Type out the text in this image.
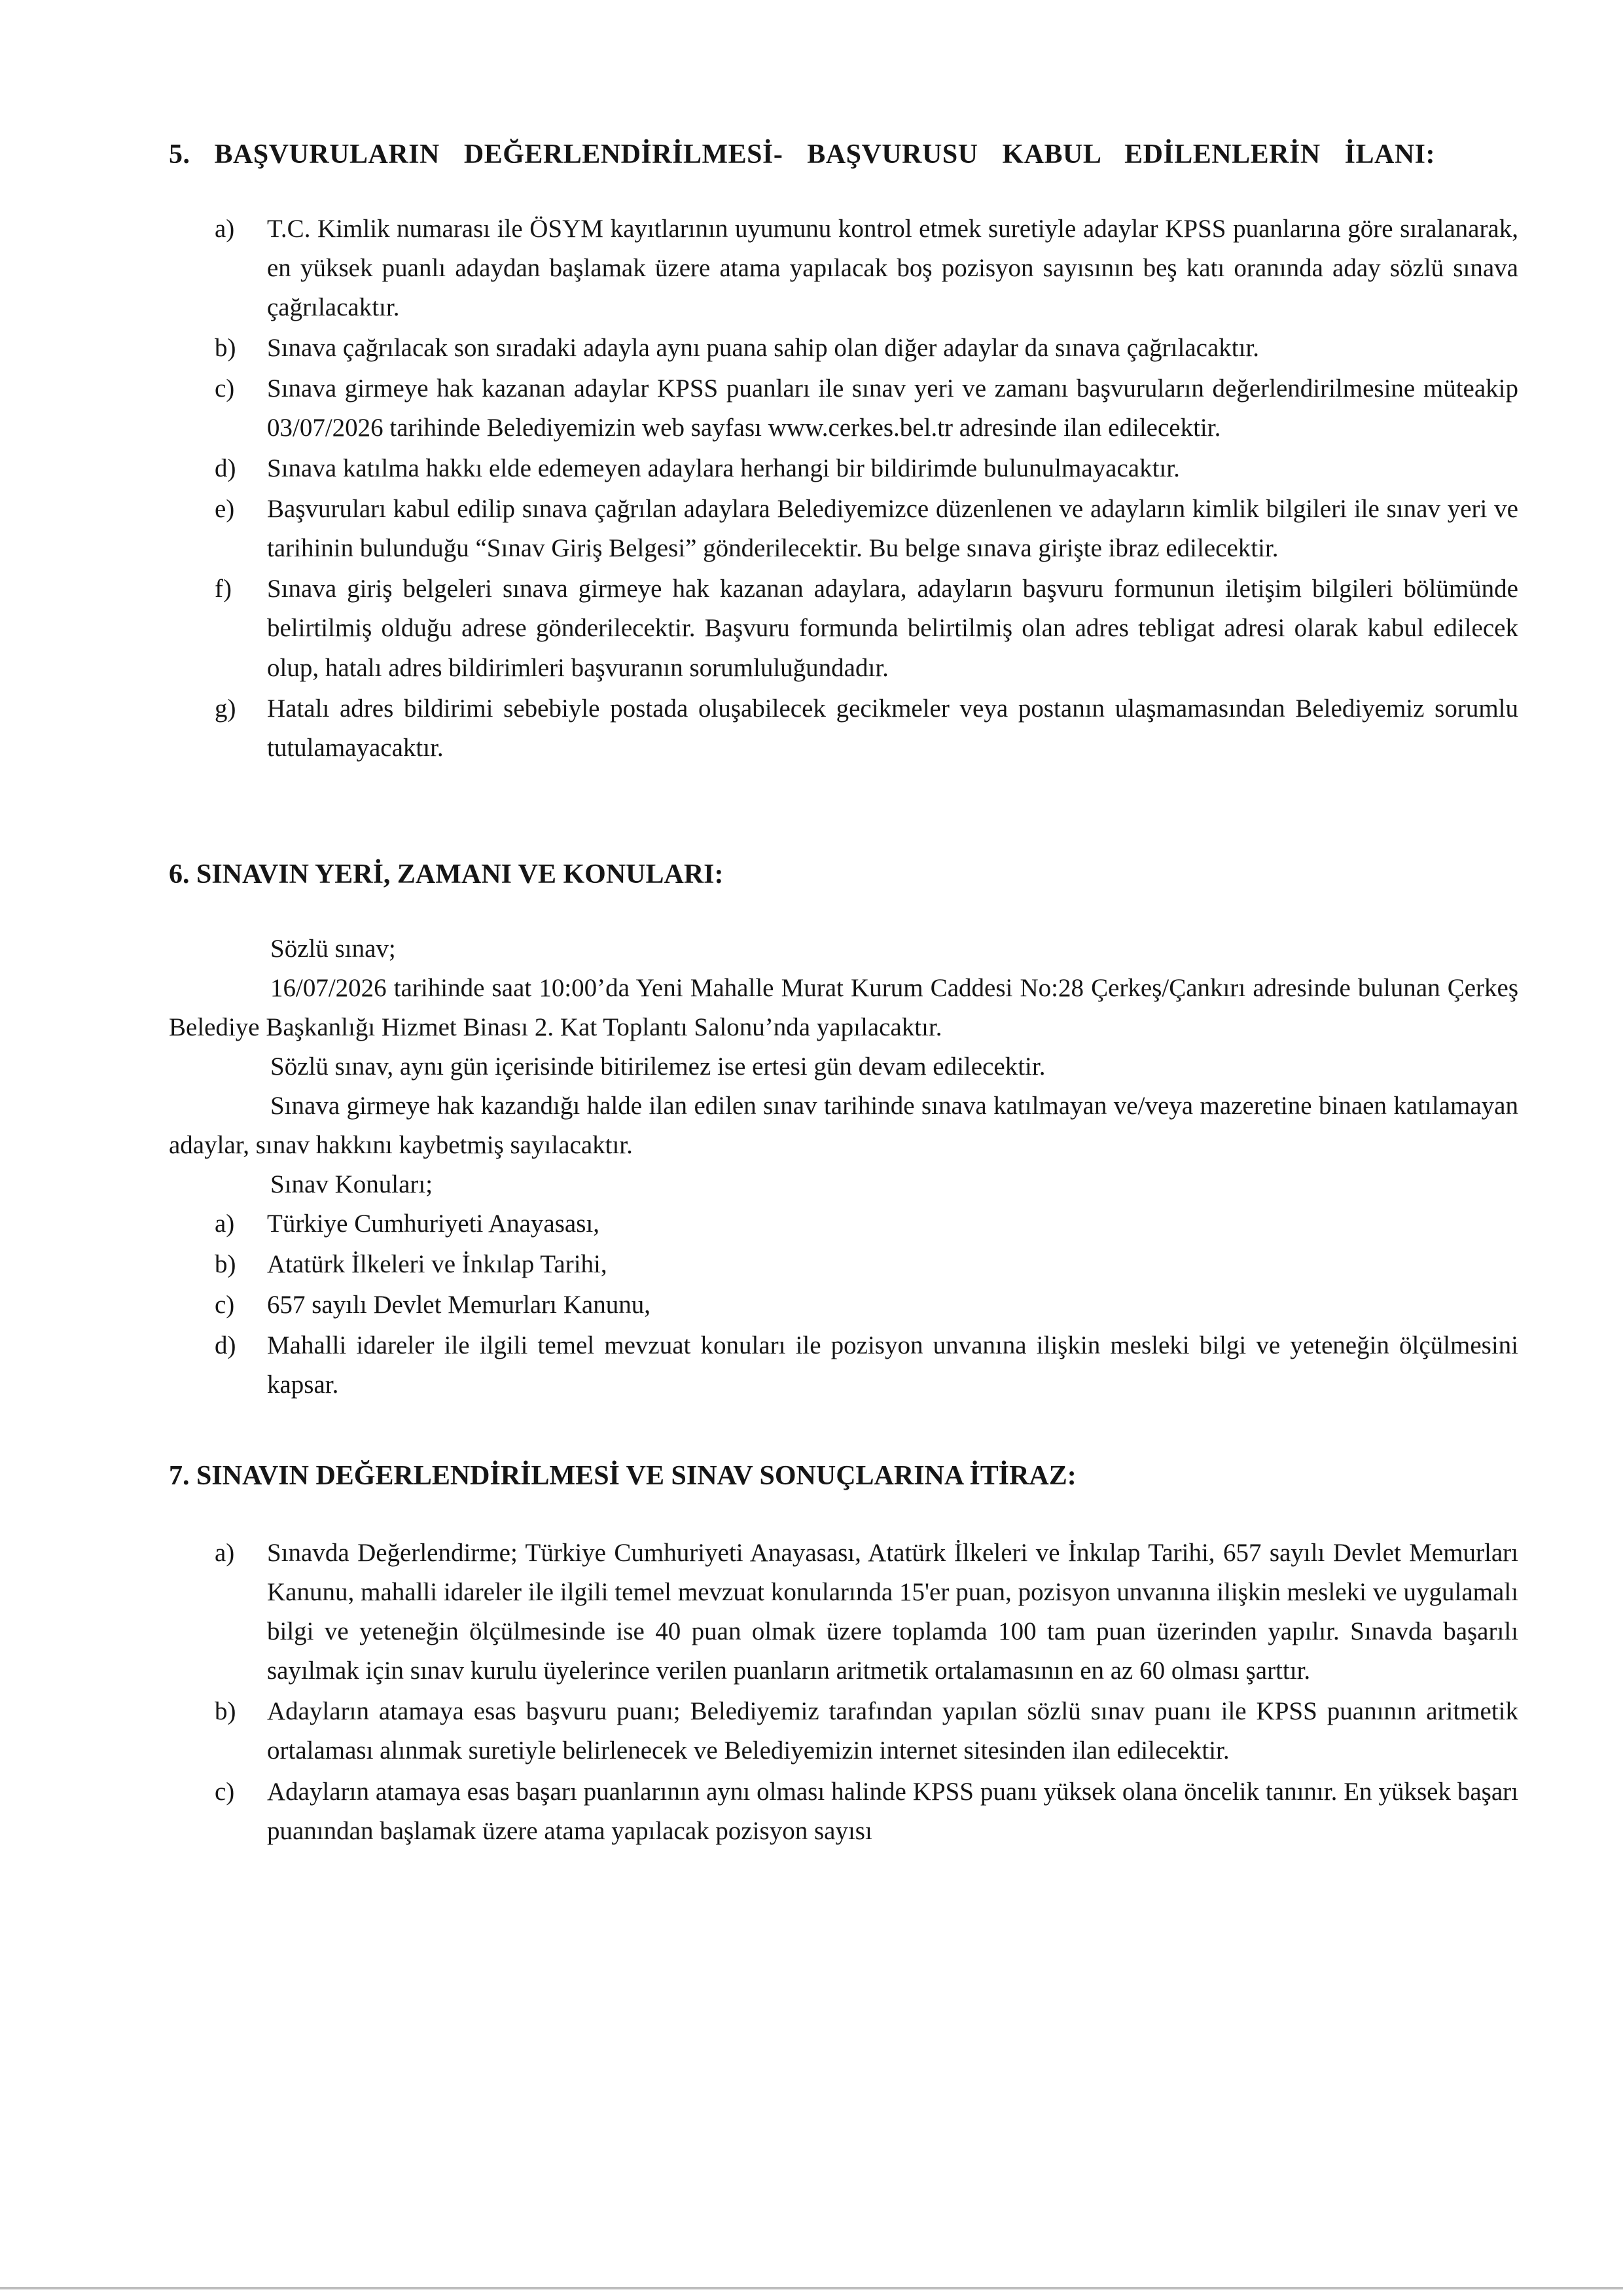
5. BAŞVURULARIN DEĞERLENDİRİLMESİ- BAŞVURUSU KABUL EDİLENLERİN İLANI:
a) T.C. Kimlik numarası ile ÖSYM kayıtlarının uyumunu kontrol etmek suretiyle adaylar KPSS puanlarına göre sıralanarak, en yüksek puanlı adaydan başlamak üzere atama yapılacak boş pozisyon sayısının beş katı oranında aday sözlü sınava çağrılacaktır.
b) Sınava çağrılacak son sıradaki adayla aynı puana sahip olan diğer adaylar da sınava çağrılacaktır.
c) Sınava girmeye hak kazanan adaylar KPSS puanları ile sınav yeri ve zamanı başvuruların değerlendirilmesine müteakip 03/07/2026 tarihinde Belediyemizin web sayfası www.cerkes.bel.tr adresinde ilan edilecektir.
d) Sınava katılma hakkı elde edemeyen adaylara herhangi bir bildirimde bulunulmayacaktır.
e) Başvuruları kabul edilip sınava çağrılan adaylara Belediyemizce düzenlenen ve adayların kimlik bilgileri ile sınav yeri ve tarihinin bulunduğu “Sınav Giriş Belgesi” gönderilecektir. Bu belge sınava girişte ibraz edilecektir.
f) Sınava giriş belgeleri sınava girmeye hak kazanan adaylara, adayların başvuru formunun iletişim bilgileri bölümünde belirtilmiş olduğu adrese gönderilecektir. Başvuru formunda belirtilmiş olan adres tebligat adresi olarak kabul edilecek olup, hatalı adres bildirimleri başvuranın sorumluluğundadır.
g) Hatalı adres bildirimi sebebiyle postada oluşabilecek gecikmeler veya postanın ulaşmamasından Belediyemiz sorumlu tutulamayacaktır.
6. SINAVIN YERİ, ZAMANI VE KONULARI:

Sözlü sınav;

16/07/2026 tarihinde saat 10:00’da Yeni Mahalle Murat Kurum Caddesi No:28 Çerkeş/Çankırı adresinde bulunan Çerkeş Belediye Başkanlığı Hizmet Binası 2. Kat Toplantı Salonu’nda yapılacaktır.

Sözlü sınav, aynı gün içerisinde bitirilemez ise ertesi gün devam edilecektir.

Sınava girmeye hak kazandığı halde ilan edilen sınav tarihinde sınava katılmayan ve/veya mazeretine binaen katılamayan adaylar, sınav hakkını kaybetmiş sayılacaktır.

Sınav Konuları;

a) Türkiye Cumhuriyeti Anayasası,
b) Atatürk İlkeleri ve İnkılap Tarihi,
c) 657 sayılı Devlet Memurları Kanunu,
d) Mahalli idareler ile ilgili temel mevzuat konuları ile pozisyon unvanına ilişkin mesleki bilgi ve yeteneğin ölçülmesini kapsar.
7. SINAVIN DEĞERLENDİRİLMESİ VE SINAV SONUÇLARINA İTİRAZ:
a) Sınavda Değerlendirme; Türkiye Cumhuriyeti Anayasası, Atatürk İlkeleri ve İnkılap Tarihi, 657 sayılı Devlet Memurları Kanunu, mahalli idareler ile ilgili temel mevzuat konularında 15'er puan, pozisyon unvanına ilişkin mesleki ve uygulamalı bilgi ve yeteneğin ölçülmesinde ise 40 puan olmak üzere toplamda 100 tam puan üzerinden yapılır. Sınavda başarılı sayılmak için sınav kurulu üyelerince verilen puanların aritmetik ortalamasının en az 60 olması şarttır.
b) Adayların atamaya esas başvuru puanı; Belediyemiz tarafından yapılan sözlü sınav puanı ile KPSS puanının aritmetik ortalaması alınmak suretiyle belirlenecek ve Belediyemizin internet sitesinden ilan edilecektir.
c) Adayların atamaya esas başarı puanlarının aynı olması halinde KPSS puanı yüksek olana öncelik tanınır. En yüksek başarı puanından başlamak üzere atama yapılacak pozisyon sayısı
